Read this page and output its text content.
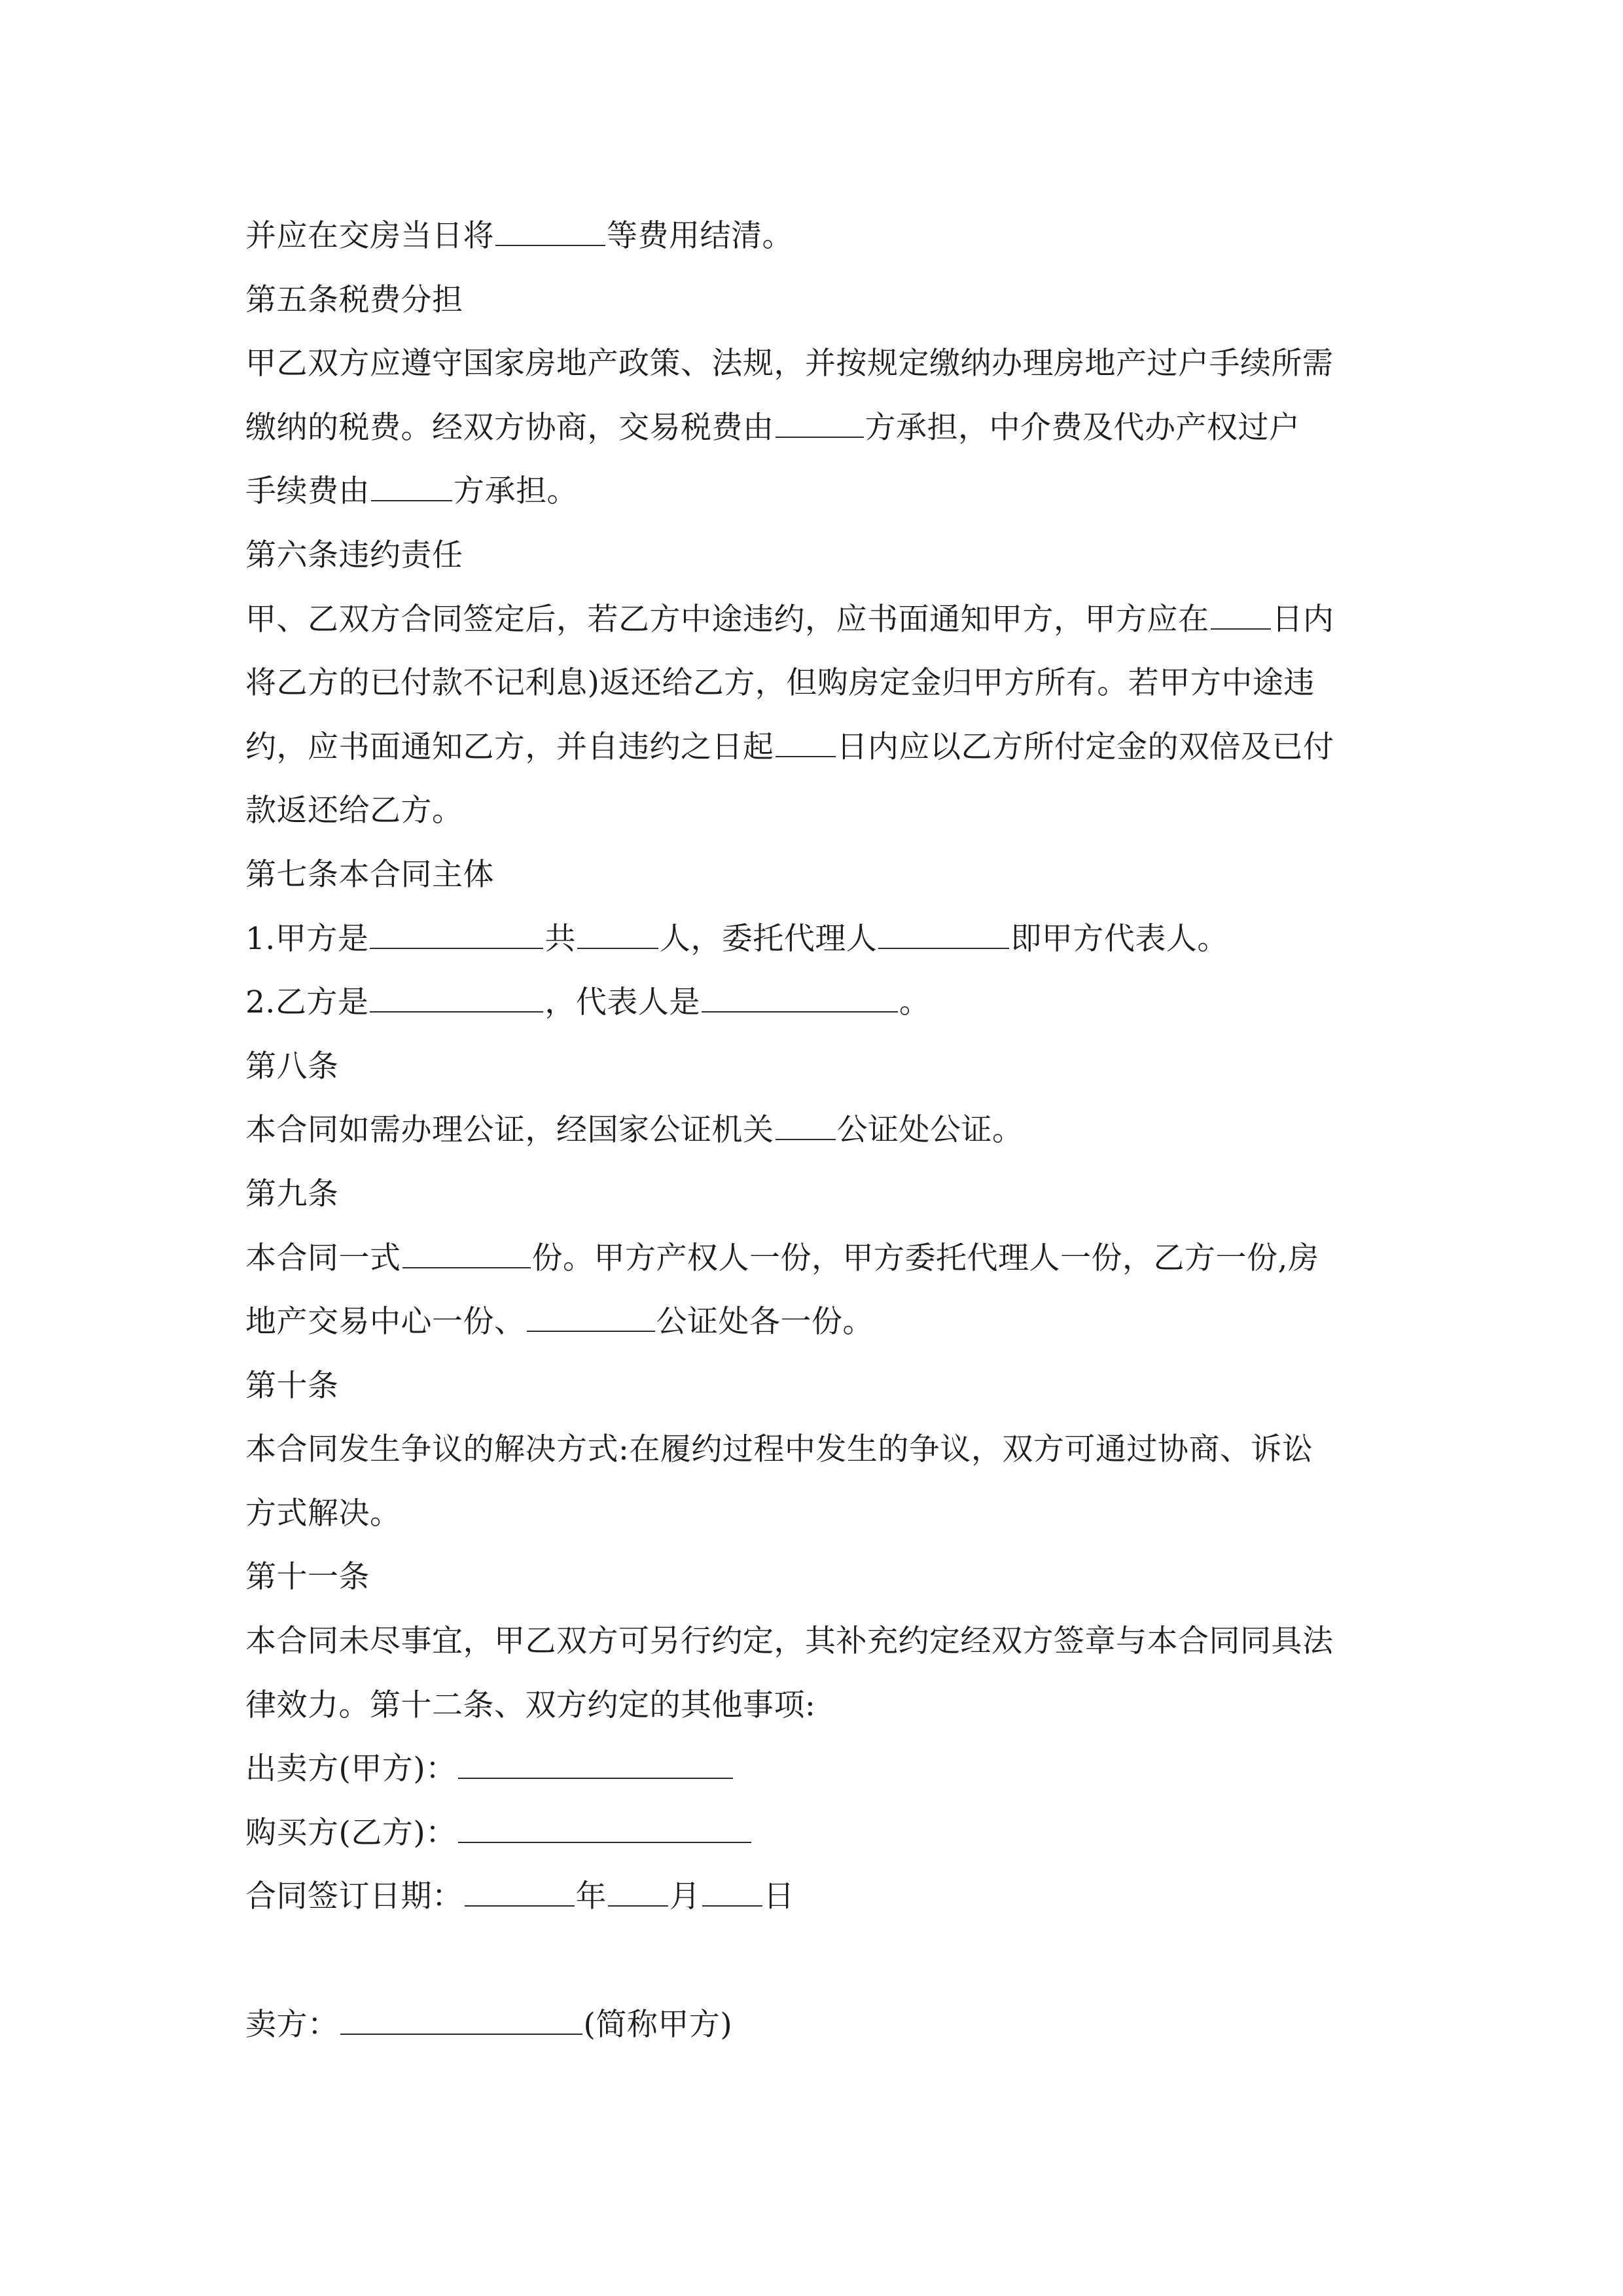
并应在交房当日将	等费用结清。
第五条税费分担
甲乙双方应遵守国家房地产政策、法规，并按规定缴纳办理房地产过户手续所需
缴纳的税费。经双方协商，交易税费由	方承担，中介费及代办产权过户
手续费由	方承担。
第六条违约责任
甲、乙双方合同签定后，若乙方中途违约，应书面通知甲方，甲方应在 日内
将乙方的已付款不记利息)返还给乙方，但购房定金归甲方所有。若甲方中途违
约，应书面通知乙方，并自违约之日起 日内应以乙方所付定金的双倍及已付
款返还给乙方。
第七条本合同主体
1.甲方是	共	人，委托代理人	即甲方代表人。
2.乙方是	，代表人是	。
第八条
本合同如需办理公证，经国家公证机关 公证处公证。
第九条
本合同一式	份。甲方产权人一份，甲方委托代理人一份，乙方一份,房
地产交易中心一份、	公证处各一份。
第十条
本合同发生争议的解决方式:在履约过程中发生的争议，双方可通过协商、诉讼
方式解决。
第十一条
本合同未尽事宜，甲乙双方可另行约定，其补充约定经双方签章与本合同同具法
律效力。第十二条、双方约定的其他事项:
出卖方(甲方)：
购买方(乙方)：
合同签订日期：	年 月 日
卖方：	(简称甲方)
